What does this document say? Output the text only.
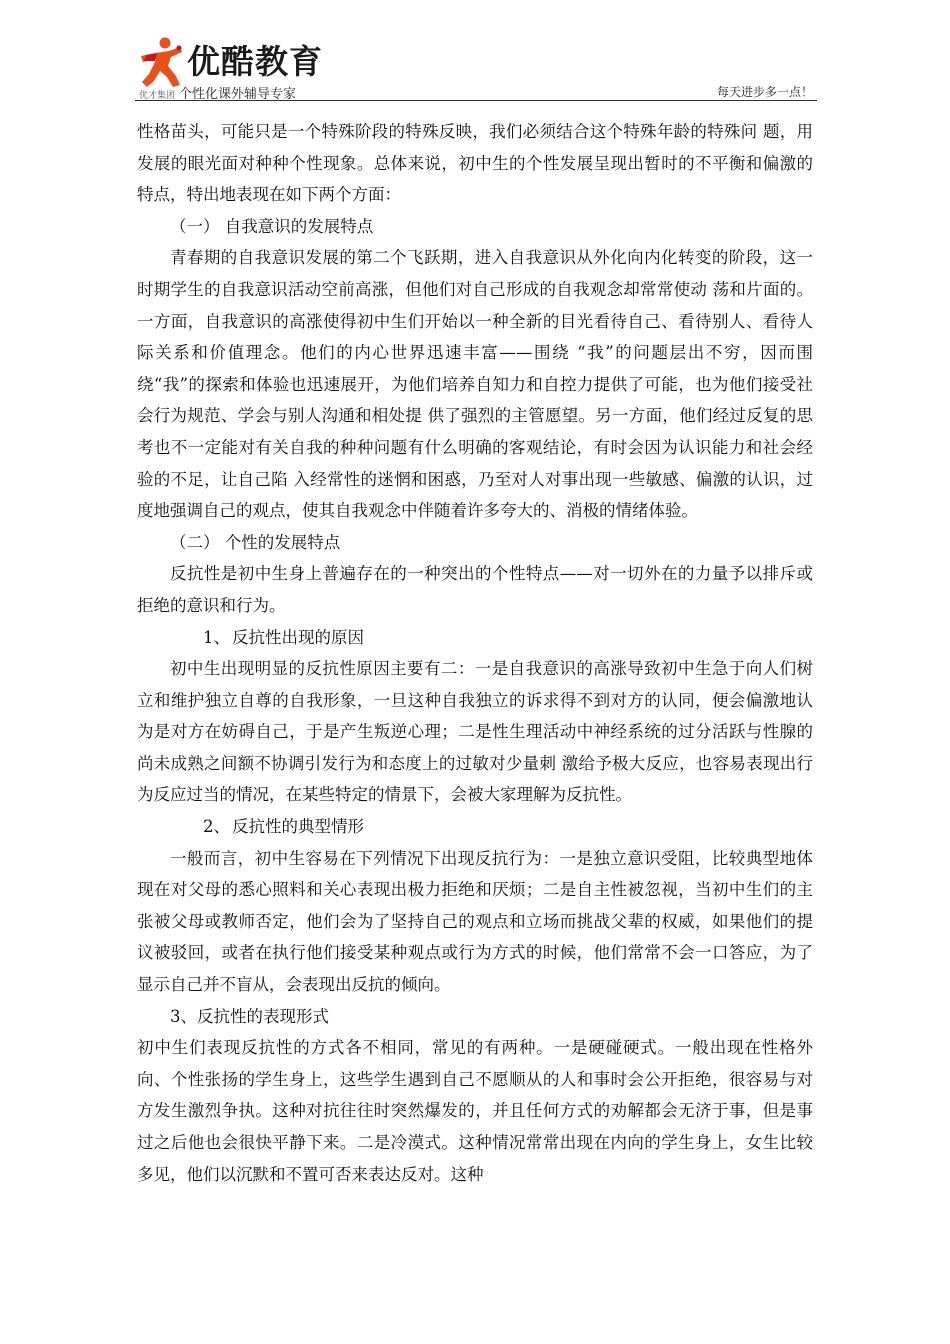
优酷教育
优才集团 个性化课外辅导专家	每天进步多一点！

性格苗头，可能只是一个特殊阶段的特殊反映，我们必须结合这个特殊年龄的特殊问 题，用发展的眼光面对种种个性现象。总体来说，初中生的个性发展呈现出暂时的不平衡和偏激的特点，特出地表现在如下两个方面：

（一） 自我意识的发展特点

青春期的自我意识发展的第二个飞跃期，进入自我意识从外化向内化转变的阶段，这一时期学生的自我意识活动空前高涨，但他们对自己形成的自我观念却常常使动 荡和片面的。一方面，自我意识的高涨使得初中生们开始以一种全新的目光看待自己、看待别人、看待人际关系和价值理念。他们的内心世界迅速丰富——围绕 “我”的问题层出不穷，因而围绕“我”的探索和体验也迅速展开，为他们培养自知力和自控力提供了可能，也为他们接受社会行为规范、学会与别人沟通和相处提 供了强烈的主管愿望。另一方面，他们经过反复的思考也不一定能对有关自我的种种问题有什么明确的客观结论，有时会因为认识能力和社会经验的不足，让自己陷 入经常性的迷惘和困惑，乃至对人对事出现一些敏感、偏激的认识，过度地强调自己的观点，使其自我观念中伴随着许多夸大的、消极的情绪体验。

（二） 个性的发展特点

反抗性是初中生身上普遍存在的一种突出的个性特点——对一切外在的力量予以排斥或拒绝的意识和行为。

1、 反抗性出现的原因

初中生出现明显的反抗性原因主要有二：一是自我意识的高涨导致初中生急于向人们树立和维护独立自尊的自我形象，一旦这种自我独立的诉求得不到对方的认同，便会偏激地认为是对方在妨碍自己，于是产生叛逆心理；二是性生理活动中神经系统的过分活跃与性腺的尚未成熟之间额不协调引发行为和态度上的过敏对少量刺 激给予极大反应，也容易表现出行为反应过当的情况，在某些特定的情景下，会被大家理解为反抗性。

2、 反抗性的典型情形

一般而言，初中生容易在下列情况下出现反抗行为：一是独立意识受阻，比较典型地体现在对父母的悉心照料和关心表现出极力拒绝和厌烦；二是自主性被忽视，当初中生们的主张被父母或教师否定，他们会为了坚持自己的观点和立场而挑战父辈的权威，如果他们的提议被驳回，或者在执行他们接受某种观点或行为方式的时候，他们常常不会一口答应，为了显示自己并不盲从，会表现出反抗的倾向。

3、反抗性的表现形式

初中生们表现反抗性的方式各不相同，常见的有两种。一是硬碰硬式。一般出现在性格外向、个性张扬的学生身上，这些学生遇到自己不愿顺从的人和事时会公开拒绝，很容易与对方发生激烈争执。这种对抗往往时突然爆发的，并且任何方式的劝解都会无济于事，但是事过之后他也会很快平静下来。二是冷漠式。这种情况常常出现在内向的学生身上，女生比较多见，他们以沉默和不置可否来表达反对。这种
